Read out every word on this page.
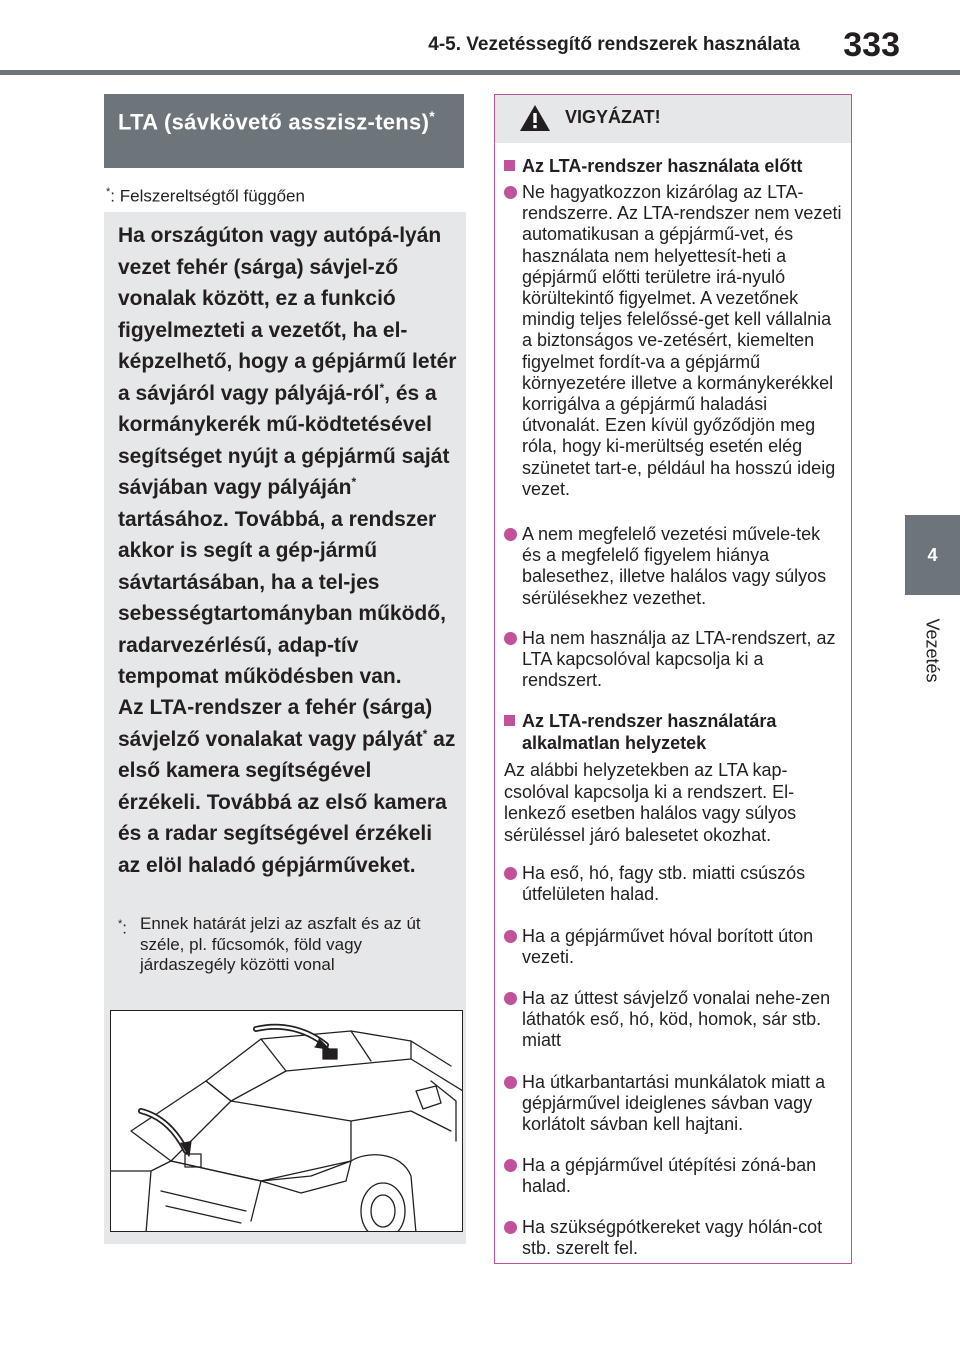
4-5. Vezetéssegítő rendszerek használata	333
4
Vezetés
LTA (sávkövető asszisz-tens)*
*: Felszereltségtől függően
Ha országúton vagy autópá-lyán vezet fehér (sárga) sávjel-ző vonalak között, ez a funkció figyelmezteti a vezetőt, ha el-képzelhető, hogy a gépjármű letér a sávjáról vagy pályájá-ról*, és a kormánykerék mű-ködtetésével segítséget nyújt a gépjármű saját sávjában vagy pályáján* tartásához. Továbbá, a rendszer akkor is segít a gép-jármű sávtartásában, ha a tel-jes sebességtartományban működő, radarvezérlésű, adap-tív tempomat működésben van.
Az LTA-rendszer a fehér (sárga) sávjelző vonalakat vagy pályát* az első kamera segítségével érzékeli. Továbbá az első kamera és a radar segítségével érzékeli az elöl haladó gépjárműveket.
*: Ennek határát jelzi az aszfalt és az út széle, pl. fűcsomók, föld vagy járdaszegély közötti vonal
VIGYÁZAT!
Az LTA-rendszer használata előtt
Ne hagyatkozzon kizárólag az LTA-rendszerre. Az LTA-rendszer nem vezeti automatikusan a gépjármű-vet, és használata nem helyettesít-heti a gépjármű előtti területre irá-nyuló körültekintő figyelmet. A vezetőnek mindig teljes felelőssé-get kell vállalnia a biztonságos ve-zetésért, kiemelten figyelmet fordít-va a gépjármű környezetére illetve a kormánykerékkel korrigálva a gépjármű haladási útvonalát. Ezen kívül győződjön meg róla, hogy ki-merültség esetén elég szünetet tart-e, például ha hosszú ideig vezet.
A nem megfelelő vezetési művele-tek és a megfelelő figyelem hiánya balesethez, illetve halálos vagy súlyos sérülésekhez vezethet.
Ha nem használja az LTA-rendszert, az LTA kapcsolóval kapcsolja ki a rendszert.
Az LTA-rendszer használatára alkalmatlan helyzetek
Az alábbi helyzetekben az LTA kap-csolóval kapcsolja ki a rendszert. El-lenkező esetben halálos vagy súlyos sérüléssel járó balesetet okozhat.
Ha eső, hó, fagy stb. miatti csúszós útfelületen halad.
Ha a gépjárművet hóval borított úton vezeti.
Ha az úttest sávjelző vonalai nehe-zen láthatók eső, hó, köd, homok, sár stb. miatt
Ha útkarbantartási munkálatok miatt a gépjárművel ideiglenes sávban vagy korlátolt sávban kell hajtani.
Ha a gépjárművel útépítési zóná-ban halad.
Ha szükségpótkereket vagy hólán-cot stb. szerelt fel.
